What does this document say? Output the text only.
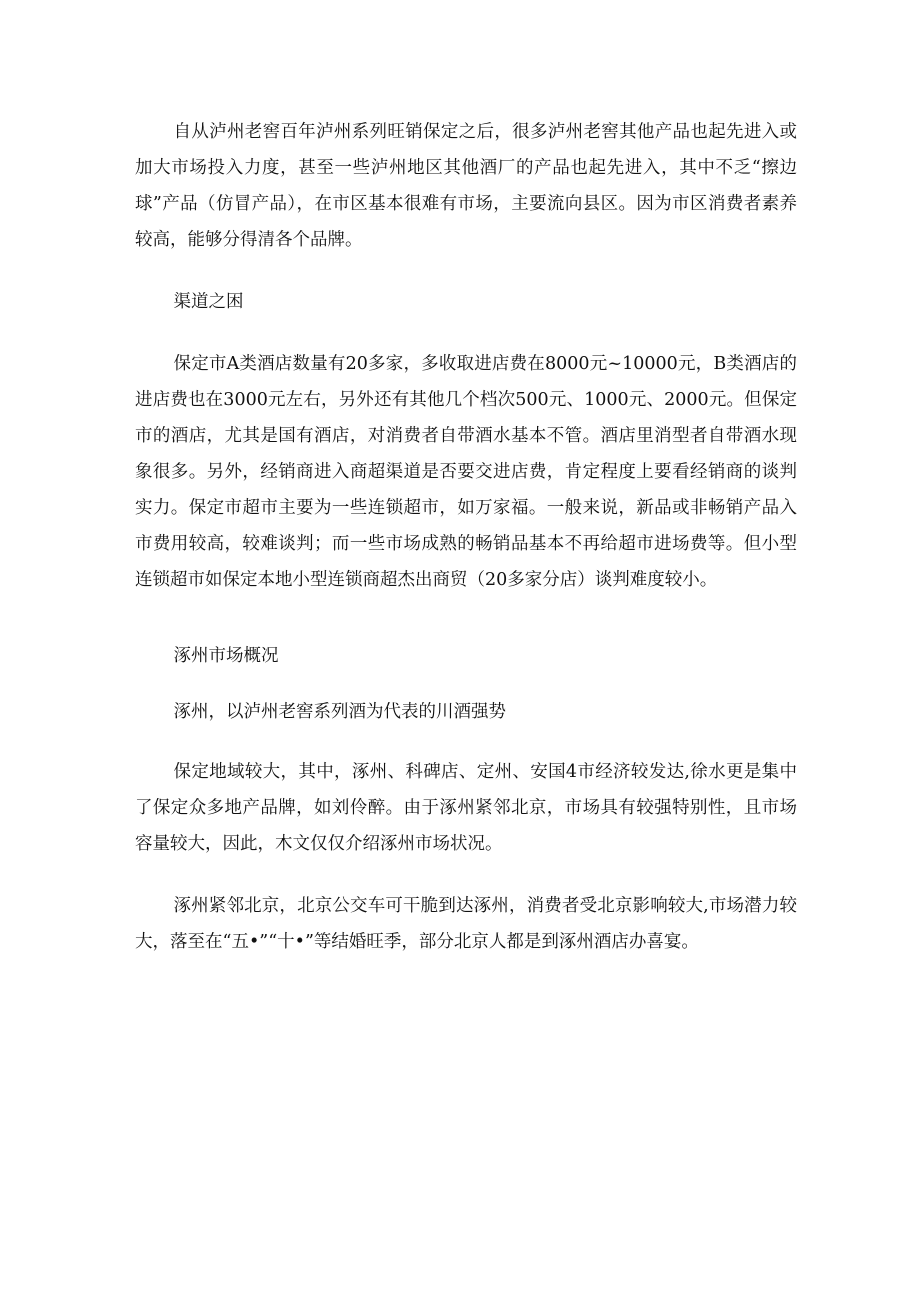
自从泸州老窖百年泸州系列旺销保定之后，很多泸州老窖其他产品也起先进入或加大市场投入力度，甚至一些泸州地区其他酒厂的产品也起先进入，其中不乏“擦边球”产品（仿冒产品），在市区基本很难有市场，主要流向县区。因为市区消费者素养较高，能够分得清各个品牌。

渠道之困

保定市A类酒店数量有20多家，多收取进店费在8000元~10000元，B类酒店的进店费也在3000元左右，另外还有其他几个档次500元、1000元、2000元。但保定市的酒店，尤其是国有酒店，对消费者自带酒水基本不管。酒店里消型者自带酒水现象很多。另外，经销商进入商超渠道是否要交进店费，肯定程度上要看经销商的谈判实力。保定市超市主要为一些连锁超市，如万家福。一般来说，新品或非畅销产品入市费用较高，较难谈判；而一些市场成熟的畅销品基本不再给超市进场费等。但小型连锁超市如保定本地小型连锁商超杰出商贸（20多家分店）谈判难度较小。

涿州市场概况

涿州，以泸州老窖系列酒为代表的川酒强势

保定地域较大，其中，涿州、科碑店、定州、安国4市经济较发达,徐水更是集中了保定众多地产品牌，如刘伶醉。由于涿州紧邻北京，市场具有较强特别性，且市场容量较大，因此，木文仅仅介绍涿州市场状况。

涿州紧邻北京，北京公交车可干脆到达涿州，消费者受北京影响较大,市场潜力较大，落至在“五•”“十•”等结婚旺季，部分北京人都是到涿州酒店办喜宴。
